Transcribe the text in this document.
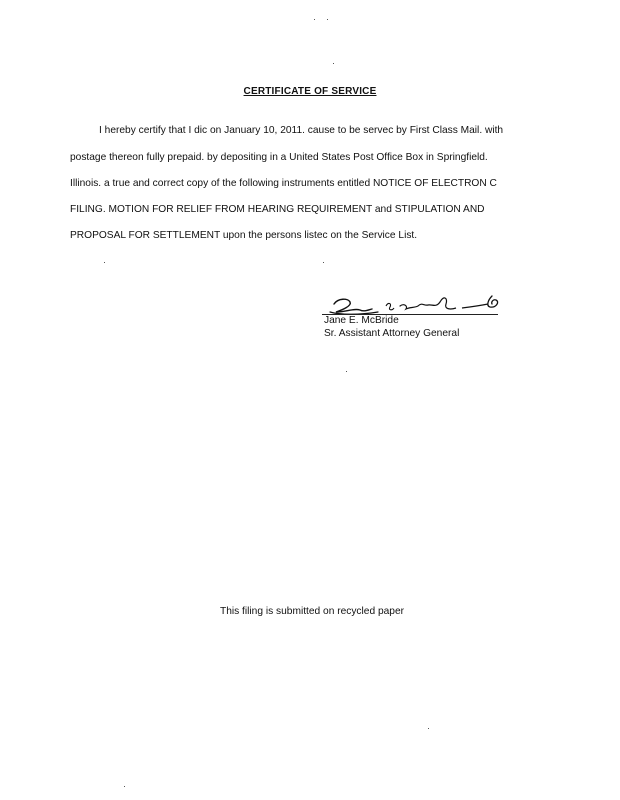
CERTIFICATE OF SERVICE
I hereby certify that I dic on January 10, 2011. cause to be servec by First Class Mail. with
postage thereon fully prepaid. by depositing in a United States Post Office Box in Springfield.
Illinois. a true and correct copy of the following instruments entitled NOTICE OF ELECTRON C
FILING. MOTION FOR RELIEF FROM HEARING REQUIREMENT and STIPULATION AND
PROPOSAL FOR SETTLEMENT upon the persons listec on the Service List.
Jane E. McBride
Sr. Assistant Attorney General
This filing is submitted on recycled paper
